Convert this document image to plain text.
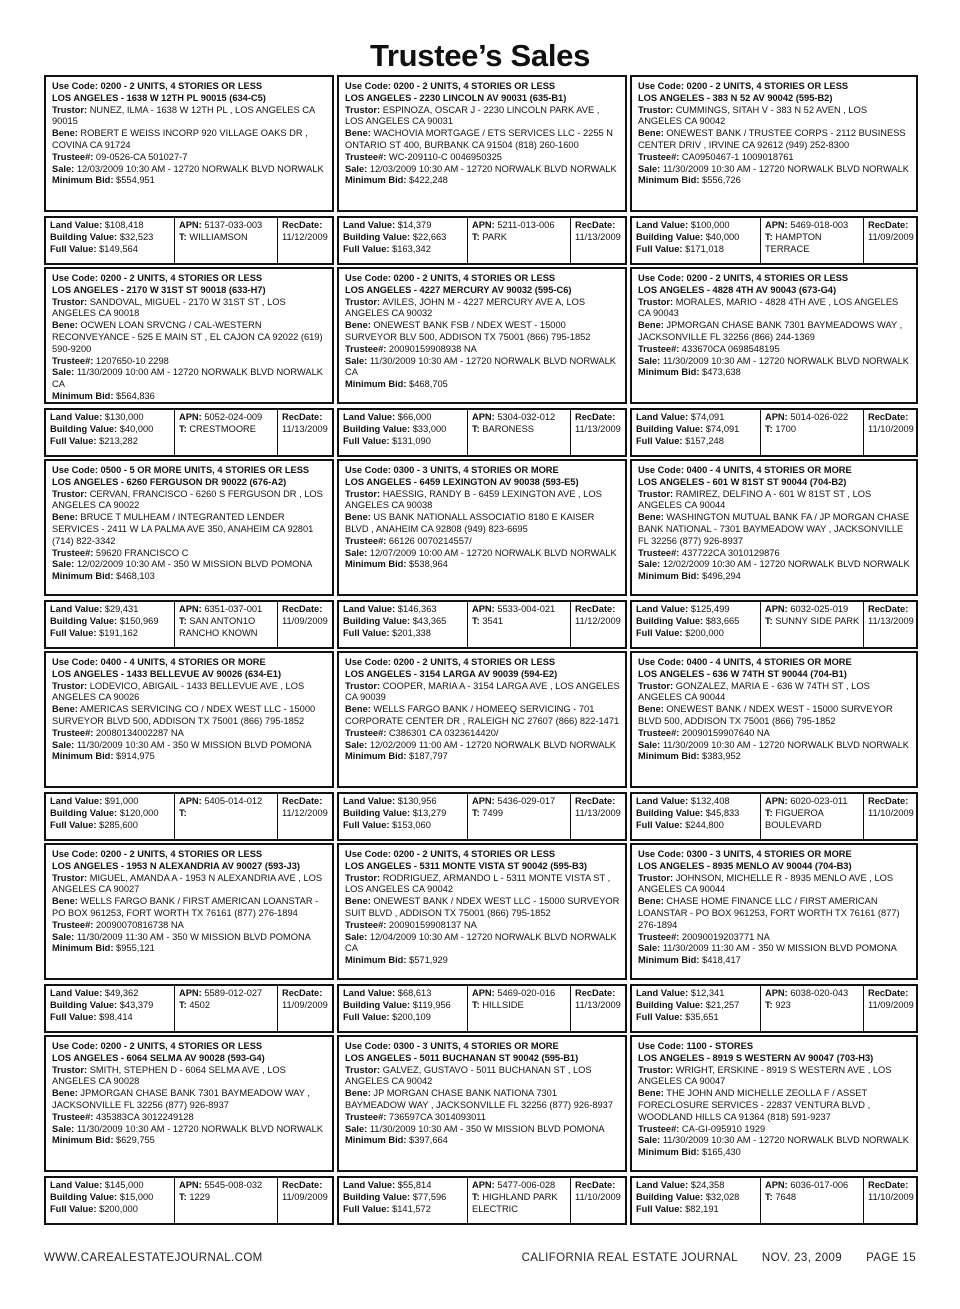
Trustee’s Sales
Use Code: 0200 - 2 UNITS, 4 STORIES OR LESS
LOS ANGELES - 1638 W 12TH PL 90015 (634-C5)
Trustor: NUNEZ, ILMA - 1638 W 12TH PL , LOS ANGELES CA 90015
Bene: ROBERT E WEISS INCORP 920 VILLAGE OAKS DR , COVINA CA 91724
Trustee#: 09-0526-CA 501027-7
Sale: 12/03/2009 10:30 AM - 12720 NORWALK BLVD NORWALK
Minimum Bid: $554,951
Land Value: $108,418
Building Value: $32,523
Full Value: $149,564
APN: 5137-033-003
T: WILLIAMSON
RecDate:
11/12/2009
Use Code: 0200 - 2 UNITS, 4 STORIES OR LESS
LOS ANGELES - 2230 LINCOLN AV 90031 (635-B1)
Trustor: ESPINOZA, OSCAR J - 2230 LINCOLN PARK AVE , LOS ANGELES CA 90031
Bene: WACHOVIA MORTGAGE / ETS SERVICES LLC - 2255 N ONTARIO ST 400, BURBANK CA 91504 (818) 260-1600
Trustee#: WC-209110-C 0046950325
Sale: 12/03/2009 10:30 AM - 12720 NORWALK BLVD NORWALK
Minimum Bid: $422,248
Land Value: $14,379
Building Value: $22,663
Full Value: $163,342
APN: 5211-013-006
T: PARK
RecDate:
11/13/2009
Use Code: 0200 - 2 UNITS, 4 STORIES OR LESS
LOS ANGELES - 383 N 52 AV 90042 (595-B2)
Trustor: CUMMINGS, SITAH V - 383 N 52 AVEN , LOS ANGELES CA 90042
Bene: ONEWEST BANK / TRUSTEE CORPS - 2112 BUSINESS CENTER DRIV , IRVINE CA 92612 (949) 252-8300
Trustee#: CA0950467-1 1009018761
Sale: 11/30/2009 10:30 AM - 12720 NORWALK BLVD NORWALK
Minimum Bid: $556,726
Land Value: $100,000
Building Value: $40,000
Full Value: $171,018
APN: 5469-018-003
T: HAMPTON TERRACE
RecDate:
11/09/2009
Use Code: 0200 - 2 UNITS, 4 STORIES OR LESS
LOS ANGELES - 2170 W 31ST ST 90018 (633-H7)
Trustor: SANDOVAL, MIGUEL - 2170 W 31ST ST , LOS ANGELES CA 90018
Bene: OCWEN LOAN SRVCNG / CAL-WESTERN RECONVEYANCE - 525 E MAIN ST , EL CAJON CA 92022 (619) 590-9200
Trustee#: 1207650-10 2298
Sale: 11/30/2009 10:00 AM - 12720 NORWALK BLVD NORWALK CA
Minimum Bid: $564,836
Land Value: $130,000
Building Value: $40,000
Full Value: $213,282
APN: 5052-024-009
T: CRESTMOORE
RecDate:
11/13/2009
Use Code: 0200 - 2 UNITS, 4 STORIES OR LESS
LOS ANGELES - 4227 MERCURY AV 90032 (595-C6)
Trustor: AVILES, JOHN M - 4227 MERCURY AVE A, LOS ANGELES CA 90032
Bene: ONEWEST BANK FSB / NDEX WEST - 15000 SURVEYOR BLV 500, ADDISON TX 75001 (866) 795-1852
Trustee#: 20090159908938 NA
Sale: 11/30/2009 10:30 AM - 12720 NORWALK BLVD NORWALK CA
Minimum Bid: $468,705
Land Value: $66,000
Building Value: $33,000
Full Value: $131,090
APN: 5304-032-012
T: BARONESS
RecDate:
11/13/2009
Use Code: 0200 - 2 UNITS, 4 STORIES OR LESS
LOS ANGELES - 4828 4TH AV 90043 (673-G4)
Trustor: MORALES, MARIO - 4828 4TH AVE , LOS ANGELES CA 90043
Bene: JPMORGAN CHASE BANK 7301 BAYMEADOWS WAY , JACKSONVILLE FL 32256 (866) 244-1369
Trustee#: 433670CA 0698548195
Sale: 11/30/2009 10:30 AM - 12720 NORWALK BLVD NORWALK
Minimum Bid: $473,638
Land Value: $74,091
Building Value: $74,091
Full Value: $157,248
APN: 5014-026-022
T: 1700
RecDate:
11/10/2009
Use Code: 0500 - 5 OR MORE UNITS, 4 STORIES OR LESS
LOS ANGELES - 6260 FERGUSON DR 90022 (676-A2)
Trustor: CERVAN, FRANCISCO - 6260 S FERGUSON DR , LOS ANGELES CA 90022
Bene: BRUCE T MULHEAM / INTEGRANTED LENDER SERVICES - 2411 W LA PALMA AVE 350, ANAHEIM CA 92801 (714) 822-3342
Trustee#: 59620 FRANCISCO C
Sale: 12/02/2009 10:30 AM - 350 W MISSION BLVD POMONA
Minimum Bid: $468,103
Land Value: $29,431
Building Value: $150,969
Full Value: $191,162
APN: 6351-037-001
T: SAN ANTON1O RANCHO KNOWN
RecDate:
11/09/2009
Use Code: 0300 - 3 UNITS, 4 STORIES OR MORE
LOS ANGELES - 6459 LEXINGTON AV 90038 (593-E5)
Trustor: HAESSIG, RANDY B - 6459 LEXINGTON AVE , LOS ANGELES CA 90038
Bene: US BANK NATIONALL ASSOCIATIO 8180 E KAISER BLVD , ANAHEIM CA 92808 (949) 823-6695
Trustee#: 66126 0070214557/
Sale: 12/07/2009 10:00 AM - 12720 NORWALK BLVD NORWALK
Minimum Bid: $538,964
Land Value: $146,363
Building Value: $43,365
Full Value: $201,338
APN: 5533-004-021
T: 3541
RecDate:
11/12/2009
Use Code: 0400 - 4 UNITS, 4 STORIES OR MORE
LOS ANGELES - 601 W 81ST ST 90044 (704-B2)
Trustor: RAMIREZ, DELFINO A - 601 W 81ST ST , LOS ANGELES CA 90044
Bene: WASHINGTON MUTUAL BANK FA / JP MORGAN CHASE BANK NATIONAL - 7301 BAYMEADOW WAY , JACKSONVILLE FL 32256 (877) 926-8937
Trustee#: 437722CA 3010129876
Sale: 12/02/2009 10:30 AM - 12720 NORWALK BLVD NORWALK
Minimum Bid: $496,294
Land Value: $125,499
Building Value: $83,665
Full Value: $200,000
APN: 6032-025-019
T: SUNNY SIDE PARK
RecDate:
11/13/2009
Use Code: 0400 - 4 UNITS, 4 STORIES OR MORE
LOS ANGELES - 1433 BELLEVUE AV 90026 (634-E1)
Trustor: LODEVICO, ABIGAIL - 1433 BELLEVUE AVE , LOS ANGELES CA 90026
Bene: AMERICAS SERVICING CO / NDEX WEST LLC - 15000 SURVEYOR BLVD 500, ADDISON TX 75001 (866) 795-1852
Trustee#: 20080134002287 NA
Sale: 11/30/2009 10:30 AM - 350 W MISSION BLVD POMONA
Minimum Bid: $914,975
Land Value: $91,000
Building Value: $120,000
Full Value: $285,600
APN: 5405-014-012
T:
RecDate:
11/12/2009
Use Code: 0200 - 2 UNITS, 4 STORIES OR LESS
LOS ANGELES - 3154 LARGA AV 90039 (594-E2)
Trustor: COOPER, MARIA A - 3154 LARGA AVE , LOS ANGELES CA 90039
Bene: WELLS FARGO BANK / HOMEEQ SERVICING - 701 CORPORATE CENTER DR , RALEIGH NC 27607 (866) 822-1471
Trustee#: C386301 CA 0323614420/
Sale: 12/02/2009 11:00 AM - 12720 NORWALK BLVD NORWALK
Minimum Bid: $187,797
Land Value: $130,956
Building Value: $13,279
Full Value: $153,060
APN: 5436-029-017
T: 7499
RecDate:
11/13/2009
Use Code: 0400 - 4 UNITS, 4 STORIES OR MORE
LOS ANGELES - 636 W 74TH ST 90044 (704-B1)
Trustor: GONZALEZ, MARIA E - 636 W 74TH ST , LOS ANGELES CA 90044
Bene: ONEWEST BANK / NDEX WEST - 15000 SURVEYOR BLVD 500, ADDISON TX 75001 (866) 795-1852
Trustee#: 20090159907640 NA
Sale: 11/30/2009 10:30 AM - 12720 NORWALK BLVD NORWALK
Minimum Bid: $383,952
Land Value: $132,408
Building Value: $45,833
Full Value: $244,800
APN: 6020-023-011
T: FIGUEROA BOULEVARD
RecDate:
11/10/2009
Use Code: 0200 - 2 UNITS, 4 STORIES OR LESS
LOS ANGELES - 1953 N ALEXANDRIA AV 90027 (593-J3)
Trustor: MIGUEL, AMANDA A - 1953 N ALEXANDRIA AVE , LOS ANGELES CA 90027
Bene: WELLS FARGO BANK / FIRST AMERICAN LOANSTAR - PO BOX 961253, FORT WORTH TX 76161 (877) 276-1894
Trustee#: 20090070816738 NA
Sale: 11/30/2009 11:30 AM - 350 W MISSION BLVD POMONA
Minimum Bid: $955,121
Land Value: $49,362
Building Value: $43,379
Full Value: $98,414
APN: 5589-012-027
T: 4502
RecDate:
11/09/2009
Use Code: 0200 - 2 UNITS, 4 STORIES OR LESS
LOS ANGELES - 5311 MONTE VISTA ST 90042 (595-B3)
Trustor: RODRIGUEZ, ARMANDO L - 5311 MONTE VISTA ST , LOS ANGELES CA 90042
Bene: ONEWEST BANK / NDEX WEST LLC - 15000 SURVEYOR SUIT BLVD , ADDISON TX 75001 (866) 795-1852
Trustee#: 20090159908137 NA
Sale: 12/04/2009 10:30 AM - 12720 NORWALK BLVD NORWALK CA
Minimum Bid: $571,929
Land Value: $68,613
Building Value: $119,956
Full Value: $200,109
APN: 5469-020-016
T: HILLSIDE
RecDate:
11/13/2009
Use Code: 0300 - 3 UNITS, 4 STORIES OR MORE
LOS ANGELES - 8935 MENLO AV 90044 (704-B3)
Trustor: JOHNSON, MICHELLE R - 8935 MENLO AVE , LOS ANGELES CA 90044
Bene: CHASE HOME FINANCE LLC / FIRST AMERICAN LOANSTAR - PO BOX 961253, FORT WORTH TX 76161 (877) 276-1894
Trustee#: 20090019203771 NA
Sale: 11/30/2009 11:30 AM - 350 W MISSION BLVD POMONA
Minimum Bid: $418,417
Land Value: $12,341
Building Value: $21,257
Full Value: $35,651
APN: 6038-020-043
T: 923
RecDate:
11/09/2009
Use Code: 0200 - 2 UNITS, 4 STORIES OR LESS
LOS ANGELES - 6064 SELMA AV 90028 (593-G4)
Trustor: SMITH, STEPHEN D - 6064 SELMA AVE , LOS ANGELES CA 90028
Bene: JPMORGAN CHASE BANK 7301 BAYMEADOW WAY , JACKSONVILLE FL 32256 (877) 926-8937
Trustee#: 435383CA 3012249128
Sale: 11/30/2009 10:30 AM - 12720 NORWALK BLVD NORWALK
Minimum Bid: $629,755
Land Value: $145,000
Building Value: $15,000
Full Value: $200,000
APN: 5545-008-032
T: 1229
RecDate:
11/09/2009
Use Code: 0300 - 3 UNITS, 4 STORIES OR MORE
LOS ANGELES - 5011 BUCHANAN ST 90042 (595-B1)
Trustor: GALVEZ, GUSTAVO - 5011 BUCHANAN ST , LOS ANGELES CA 90042
Bene: JP MORGAN CHASE BANK NATIONA 7301 BAYMEADOW WAY , JACKSONVILLE FL 32256 (877) 926-8937
Trustee#: 736597CA 3014093011
Sale: 11/30/2009 10:30 AM - 350 W MISSION BLVD POMONA
Minimum Bid: $397,664
Land Value: $55,814
Building Value: $77,596
Full Value: $141,572
APN: 5477-006-028
T: HIGHLAND PARK ELECTRIC
RecDate:
11/10/2009
Use Code: 1100 - STORES
LOS ANGELES - 8919 S WESTERN AV 90047 (703-H3)
Trustor: WRIGHT, ERSKINE - 8919 S WESTERN AVE , LOS ANGELES CA 90047
Bene: THE JOHN AND MICHELLE ZEOLLA F / ASSET FORECLOSURE SERVICES - 22837 VENTURA BLVD , WOODLAND HILLS CA 91364 (818) 591-9237
Trustee#: CA-GI-095910 1929
Sale: 11/30/2009 10:30 AM - 12720 NORWALK BLVD NORWALK
Minimum Bid: $165,430
Land Value: $24,358
Building Value: $32,028
Full Value: $82,191
APN: 6036-017-006
T: 7648
RecDate:
11/10/2009
WWW.CAREALESTATEJOURNAL.COM	CALIFORNIA REAL ESTATE JOURNAL NOV. 23, 2009 PAGE 15
